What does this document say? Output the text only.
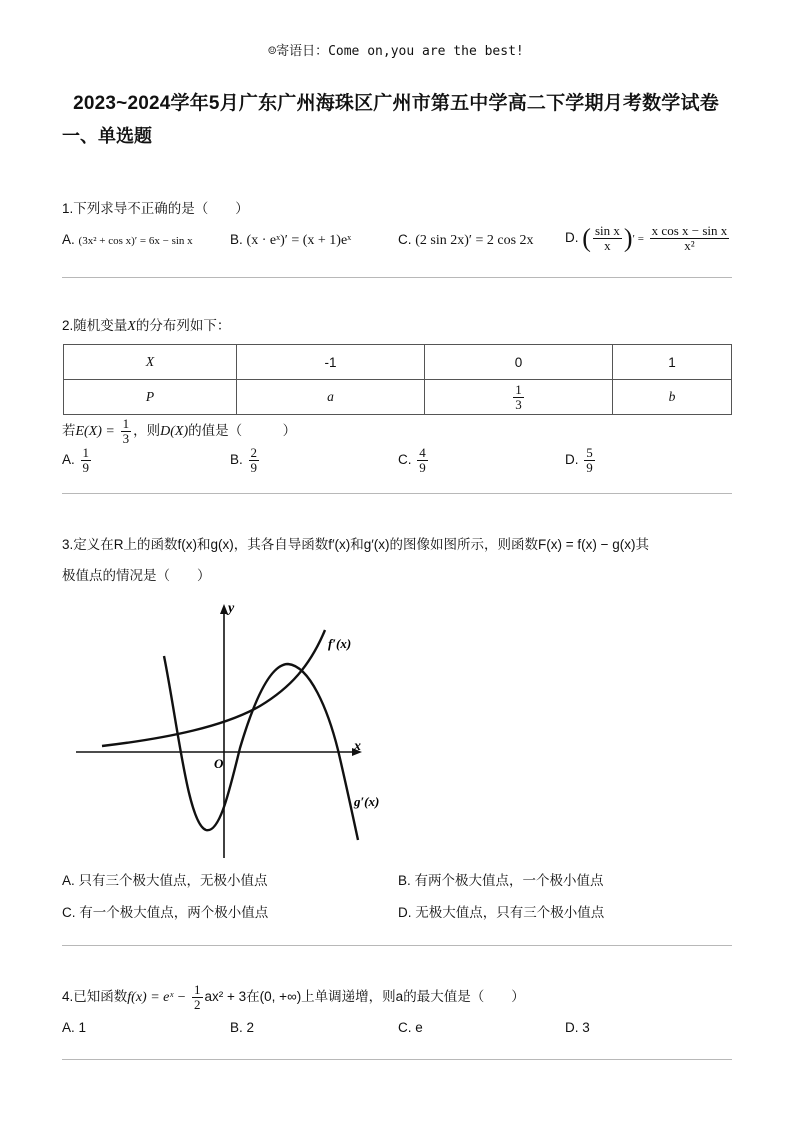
☺寄语日：Come on,you are the best!
2023~2024学年5月广东广州海珠区广州市第五中学高二下学期月考数学试卷
一、单选题
1.下列求导不正确的是（　　）
A. (3x² + cos x)′ = 6x − sin x	B. (x · eˣ)′ = (x + 1)eˣ	C. (2 sin 2x)′ = 2 cos 2x D. ( $\frac{\text{sin x}}{x}$ )′ = $\frac{\text{x cos x − sin x}}{\text{x²}}$
2.随机变量X的分布列如下：
X	-1	0	1
P	a	$\frac{1}{3}$	b
若$E(X) = \frac{1}{3}$ ，则D(X)的值是（　　　）
A. $\frac{1}{9}$	B. $\frac{2}{9}$	C. $\frac{4}{9}$	D. $\frac{5}{9}$
3.定义在R上的函数f(x)和g(x)，其各自导函数f′(x)和g′(x)的图像如图所示，则函数F(x) = f(x) − g(x)其
极值点的情况是（　　）
y
x
O
f′(x)
g′(x)
A. 只有三个极大值点，无极小值点	B. 有两个极大值点，一个极小值点
C. 有一个极大值点，两个极小值点	D. 无极大值点，只有三个极小值点
4.已知函数f(x) = eˣ − $\frac{1}{2} ax^2 + 3$在(0, +∞)上单调递增，则a的最大值是（　　）
A. 1	B. 2	C. e	D. 3
